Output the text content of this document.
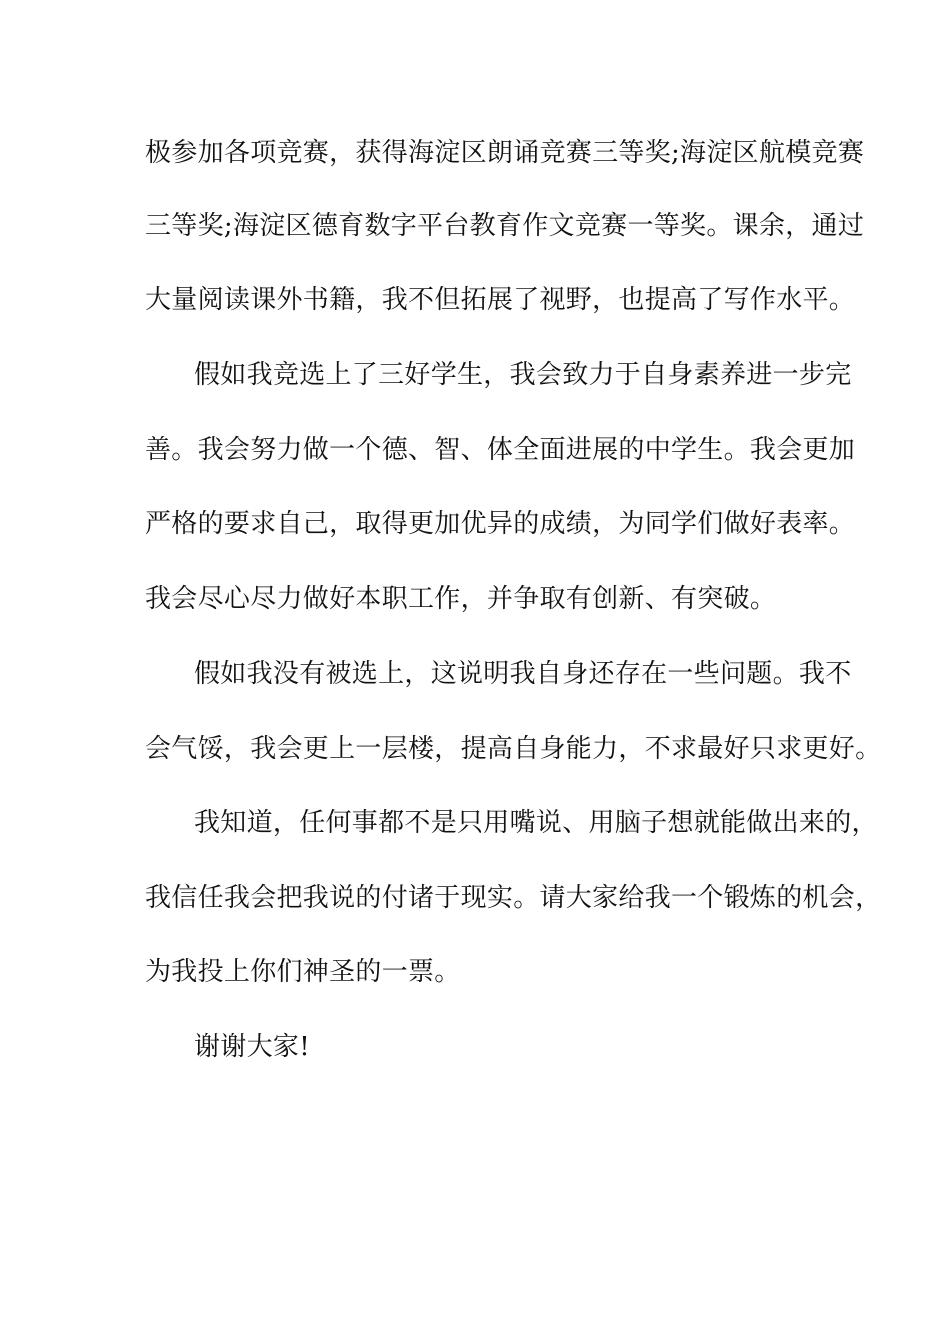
极参加各项竞赛，获得海淀区朗诵竞赛三等奖;海淀区航模竞赛
三等奖;海淀区德育数字平台教育作文竞赛一等奖。课余，通过
大量阅读课外书籍，我不但拓展了视野，也提高了写作水平。
假如我竞选上了三好学生，我会致力于自身素养进一步完
善。我会努力做一个德、智、体全面进展的中学生。我会更加
严格的要求自己，取得更加优异的成绩，为同学们做好表率。
我会尽心尽力做好本职工作，并争取有创新、有突破。
假如我没有被选上，这说明我自身还存在一些问题。我不
会气馁，我会更上一层楼，提高自身能力，不求最好只求更好。
我知道，任何事都不是只用嘴说、用脑子想就能做出来的，
我信任我会把我说的付诸于现实。请大家给我一个锻炼的机会，
为我投上你们神圣的一票。
谢谢大家!
